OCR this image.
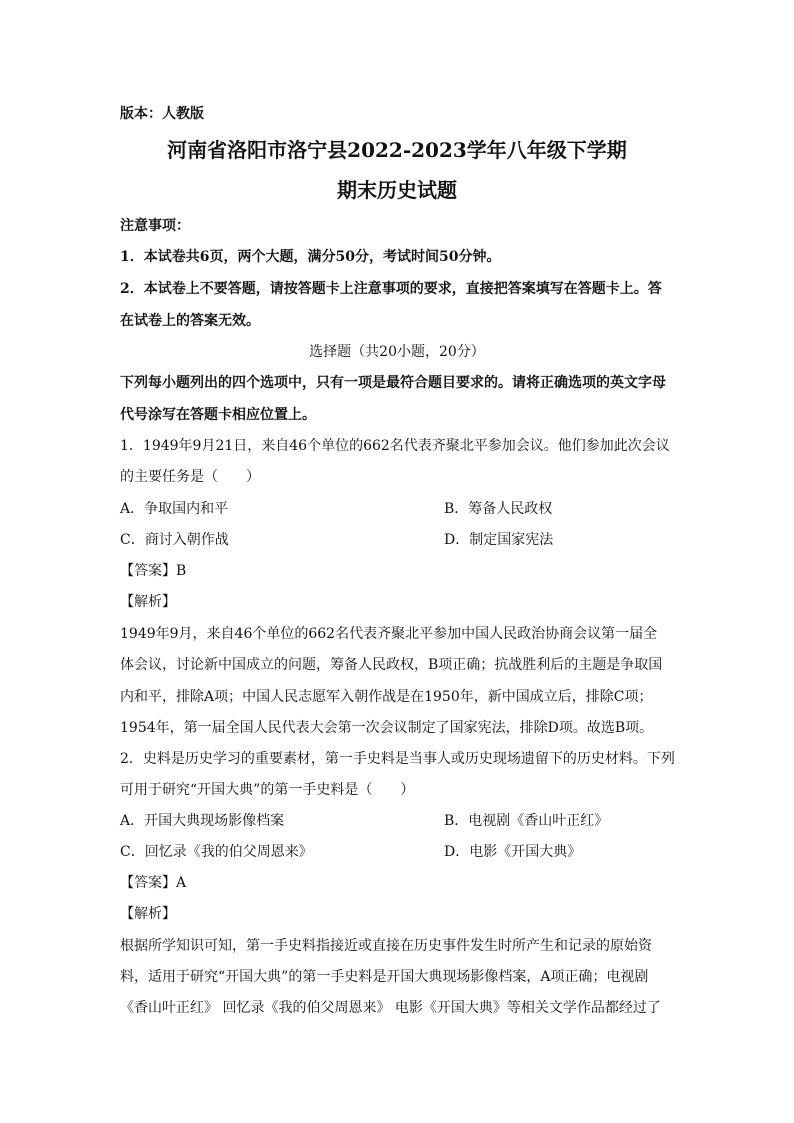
版本：人教版
河南省洛阳市洛宁县2022-2023学年八年级下学期
期末历史试题
注意事项：
1．本试卷共6页，两个大题，满分50分，考试时间50分钟。
2．本试卷上不要答题，请按答题卡上注意事项的要求，直接把答案填写在答题卡上。答
在试卷上的答案无效。
选择题（共20小题，20分）
下列每小题列出的四个选项中，只有一项是最符合题目要求的。请将正确选项的英文字母
代号涂写在答题卡相应位置上。
1．1949年9月21日，来自46个单位的662名代表齐聚北平参加会议。他们参加此次会议
的主要任务是（　　）
A．争取国内和平	B．筹备人民政权
C．商讨入朝作战	D．制定国家宪法
【答案】B
【解析】
1949年9月，来自46个单位的662名代表齐聚北平参加中国人民政治协商会议第一届全
体会议，讨论新中国成立的问题，筹备人民政权，B项正确；抗战胜利后的主题是争取国
内和平，排除A项；中国人民志愿军入朝作战是在1950年，新中国成立后，排除C项；
1954年，第一届全国人民代表大会第一次会议制定了国家宪法，排除D项。故选B项。
2．史料是历史学习的重要素材，第一手史料是当事人或历史现场遗留下的历史材料。下列
可用于研究“开国大典”的第一手史料是（　　）
A．开国大典现场影像档案	B．电视剧《香山叶正红》
C．回忆录《我的伯父周恩来》	D．电影《开国大典》
【答案】A
【解析】
根据所学知识可知，第一手史料指接近或直接在历史事件发生时所产生和记录的原始资
料，适用于研究“开国大典”的第一手史料是开国大典现场影像档案，A项正确；电视剧
《香山叶正红》 回忆录《我的伯父周恩来》 电影《开国大典》等相关文学作品都经过了
